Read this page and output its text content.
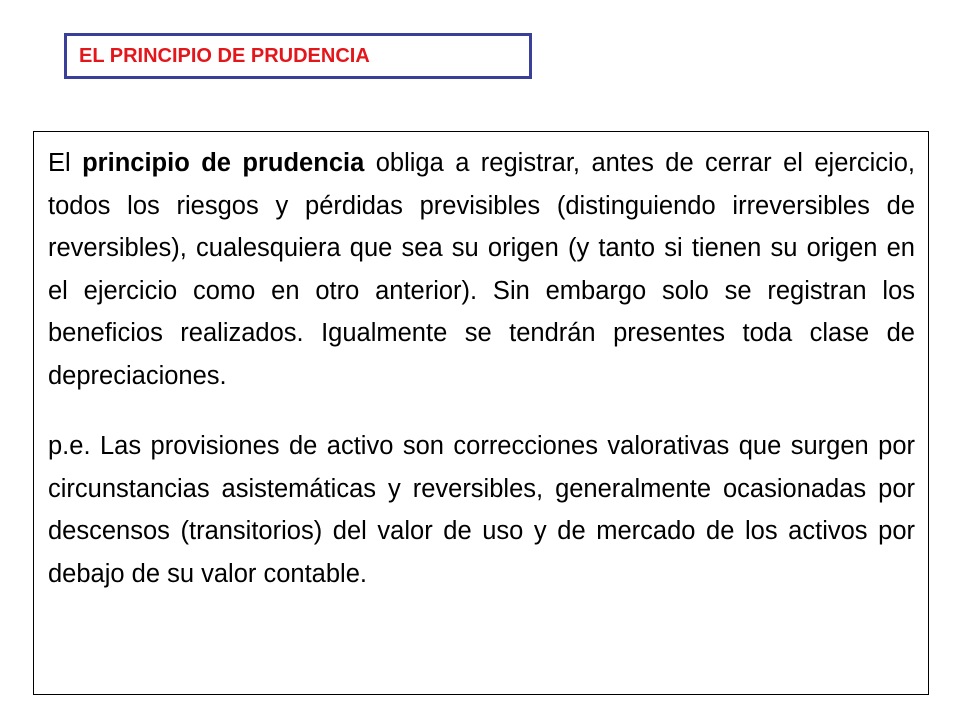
EL PRINCIPIO DE PRUDENCIA

El principio de prudencia obliga a registrar, antes de cerrar el ejercicio, todos los riesgos y pérdidas previsibles (distinguiendo irreversibles de reversibles), cualesquiera que sea su origen (y tanto si tienen su origen en el ejercicio como en otro anterior). Sin embargo solo se registran los beneficios realizados. Igualmente se tendrán presentes toda clase de depreciaciones.

p.e. Las provisiones de activo son correcciones valorativas que surgen por circunstancias asistemáticas y reversibles, generalmente ocasionadas por descensos (transitorios) del valor de uso y de mercado de los activos por debajo de su valor contable.
